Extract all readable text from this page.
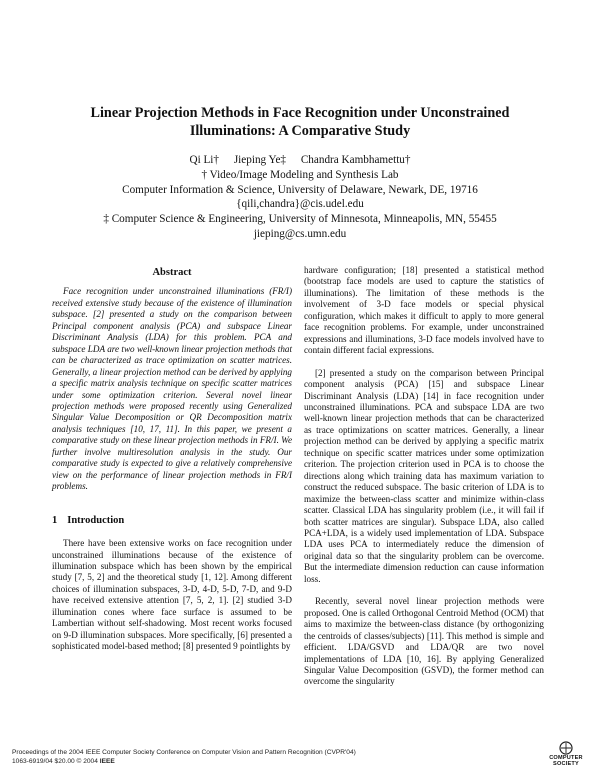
Linear Projection Methods in Face Recognition under Unconstrained
Illuminations: A Comparative Study
Qi Li† Jieping Ye‡ Chandra Kambhamettu†
† Video/Image Modeling and Synthesis Lab
Computer Information & Science, University of Delaware, Newark, DE, 19716
{qili,chandra}@cis.udel.edu
‡ Computer Science & Engineering, University of Minnesota, Minneapolis, MN, 55455
jieping@cs.umn.edu
Abstract

Face recognition under unconstrained illuminations (FR/I) received extensive study because of the existence of illumination subspace. [2] presented a study on the comparison between Principal component analysis (PCA) and subspace Linear Discriminant Analysis (LDA) for this problem. PCA and subspace LDA are two well-known linear projection methods that can be characterized as trace optimization on scatter matrices. Generally, a linear projection method can be derived by applying a specific matrix analysis technique on specific scatter matrices under some optimization criterion. Several novel linear projection methods were proposed recently using Generalized Singular Value Decomposition or QR Decomposition matrix analysis techniques [10, 17, 11]. In this paper, we present a comparative study on these linear projection methods in FR/I. We further involve multiresolution analysis in the study. Our comparative study is expected to give a relatively comprehensive view on the performance of linear projection methods in FR/I problems.

1 Introduction

There have been extensive works on face recognition under unconstrained illuminations because of the existence of illumination subspace which has been shown by the empirical study [7, 5, 2] and the theoretical study [1, 12]. Among different choices of illumination subspaces, 3-D, 4-D, 5-D, 7-D, and 9-D have received extensive attention [7, 5, 2, 1]. [2] studied 3-D illumination cones where face surface is assumed to be Lambertian without self-shadowing. Most recent works focused on 9-D illumination subspaces. More specifically, [6] presented a sophisticated model-based method; [8] presented 9 pointlights by

hardware configuration; [18] presented a statistical method (bootstrap face models are used to capture the statistics of illuminations). The limitation of these methods is the involvement of 3-D face models or special physical configuration, which makes it difficult to apply to more general face recognition problems. For example, under unconstrained expressions and illuminations, 3-D face models involved have to contain different facial expressions.

[2] presented a study on the comparison between Principal component analysis (PCA) [15] and subspace Linear Discriminant Analysis (LDA) [14] in face recognition under unconstrained illuminations. PCA and subspace LDA are two well-known linear projection methods that can be characterized as trace optimizations on scatter matrices. Generally, a linear projection method can be derived by applying a specific matrix technique on specific scatter matrices under some optimization criterion. The projection criterion used in PCA is to choose the directions along which training data has maximum variation to construct the reduced subspace. The basic criterion of LDA is to maximize the between-class scatter and minimize within-class scatter. Classical LDA has singularity problem (i.e., it will fail if both scatter matrices are singular). Subspace LDA, also called PCA+LDA, is a widely used implementation of LDA. Subspace LDA uses PCA to intermediately reduce the dimension of original data so that the singularity problem can be overcome. But the intermediate dimension reduction can cause information loss.

Recently, several novel linear projection methods were proposed. One is called Orthogonal Centroid Method (OCM) that aims to maximize the between-class distance (by orthogonizing the centroids of classes/subjects) [11]. This method is simple and efficient. LDA/GSVD and LDA/QR are two novel implementations of LDA [10, 16]. By applying Generalized Singular Value Decomposition (GSVD), the former method can overcome the singularity

Proceedings of the 2004 IEEE Computer Society Conference on Computer Vision and Pattern Recognition (CVPR'04)
1063-6919/04 $20.00 © 2004 IEEE	COMPUTER
SOCIETY
